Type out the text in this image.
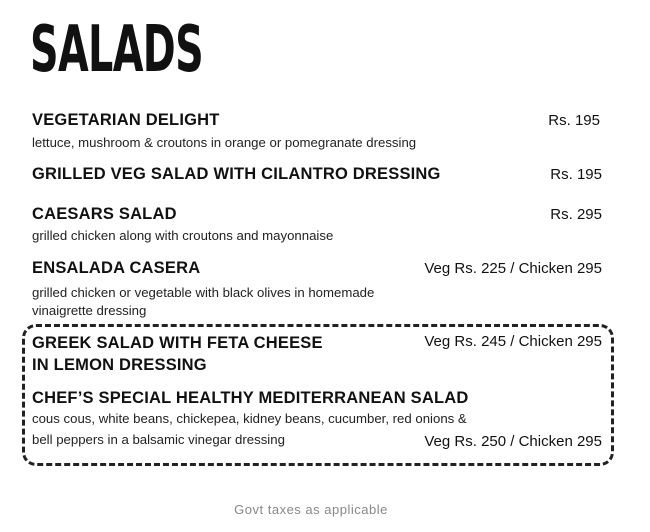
SALADS
VEGETARIAN DELIGHT	Rs. 195
lettuce, mushroom & croutons in orange or pomegranate dressing
GRILLED VEG SALAD WITH CILANTRO DRESSING	Rs. 195
CAESARS SALAD	Rs. 295
grilled chicken along with croutons and mayonnaise
ENSALADA CASERA	Veg Rs. 225 / Chicken 295
grilled chicken or vegetable with black olives in homemade
vinaigrette dressing
GREEK SALAD WITH FETA CHEESE
IN LEMON DRESSING
Veg Rs. 245 / Chicken 295
CHEF’S SPECIAL HEALTHY MEDITERRANEAN SALAD
cous cous, white beans, chickepea, kidney beans, cucumber, red onions &
bell peppers in a balsamic vinegar dressing	Veg Rs. 250 / Chicken 295
Govt taxes as applicable
